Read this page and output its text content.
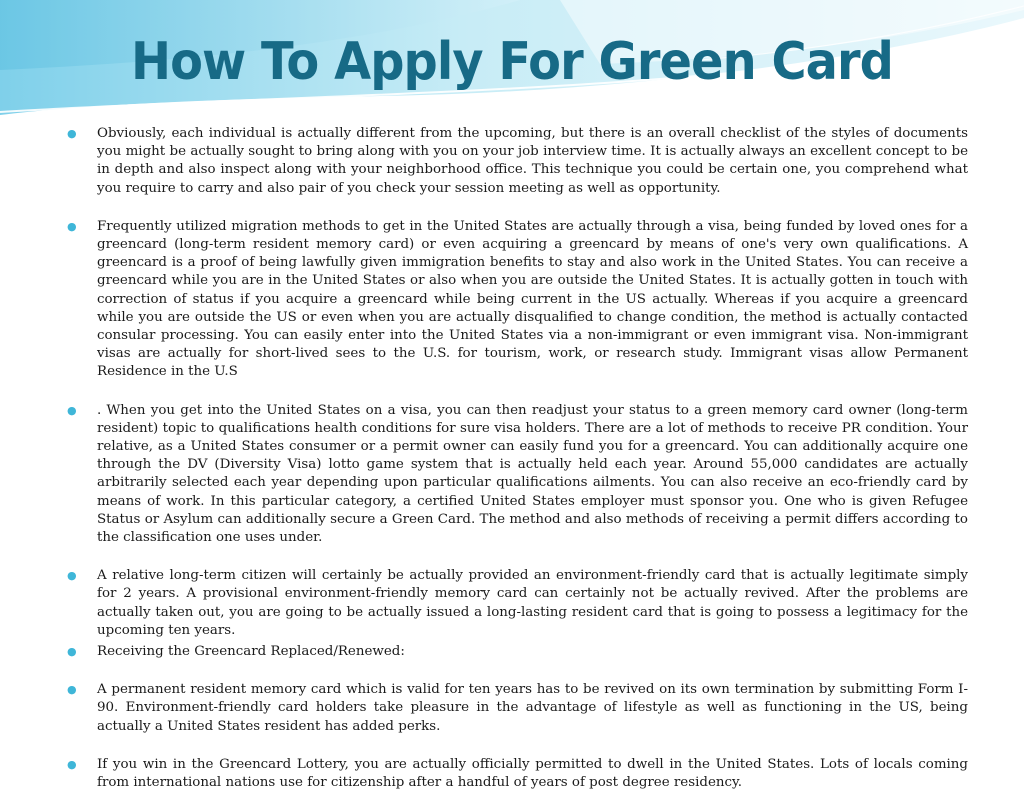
How To Apply For Green Card
● Obviously, each individual is actually different from the upcoming, but there is an overall checklist of the styles of documents you might be actually sought to bring along with you on your job interview time. It is actually always an excellent concept to be in depth and also inspect along with your neighborhood office. This technique you could be certain one, you comprehend what you require to carry and also pair of you check your session meeting as well as opportunity.
● Frequently utilized migration methods to get in the United States are actually through a visa, being funded by loved ones for a greencard (long-term resident memory card) or even acquiring a greencard by means of one's very own qualifications. A greencard is a proof of being lawfully given immigration benefits to stay and also work in the United States. You can receive a greencard while you are in the United States or also when you are outside the United States. It is actually gotten in touch with correction of status if you acquire a greencard while being current in the US actually. Whereas if you acquire a greencard while you are outside the US or even when you are actually disqualified to change condition, the method is actually contacted consular processing. You can easily enter into the United States via a non-immigrant or even immigrant visa. Non-immigrant visas are actually for short-lived sees to the U.S. for tourism, work, or research study. Immigrant visas allow Permanent Residence in the U.S
● . When you get into the United States on a visa, you can then readjust your status to a green memory card owner (long-term resident) topic to qualifications health conditions for sure visa holders. There are a lot of methods to receive PR condition. Your relative, as a United States consumer or a permit owner can easily fund you for a greencard. You can additionally acquire one through the DV (Diversity Visa) lotto game system that is actually held each year. Around 55,000 candidates are actually arbitrarily selected each year depending upon particular qualifications ailments. You can also receive an eco-friendly card by means of work. In this particular category, a certified United States employer must sponsor you. One who is given Refugee Status or Asylum can additionally secure a Green Card. The method and also methods of receiving a permit differs according to the classification one uses under.
● A relative long-term citizen will certainly be actually provided an environment-friendly card that is actually legitimate simply for 2 years. A provisional environment-friendly memory card can certainly not be actually revived. After the problems are actually taken out, you are going to be actually issued a long-lasting resident card that is going to possess a legitimacy for the upcoming ten years.
● Receiving the Greencard Replaced/Renewed:
● A permanent resident memory card which is valid for ten years has to be revived on its own termination by submitting Form I-90. Environment-friendly card holders take pleasure in the advantage of lifestyle as well as functioning in the US, being actually a United States resident has added perks.
● If you win in the Greencard Lottery, you are actually officially permitted to dwell in the United States. Lots of locals coming from international nations use for citizenship after a handful of years of post degree residency.
